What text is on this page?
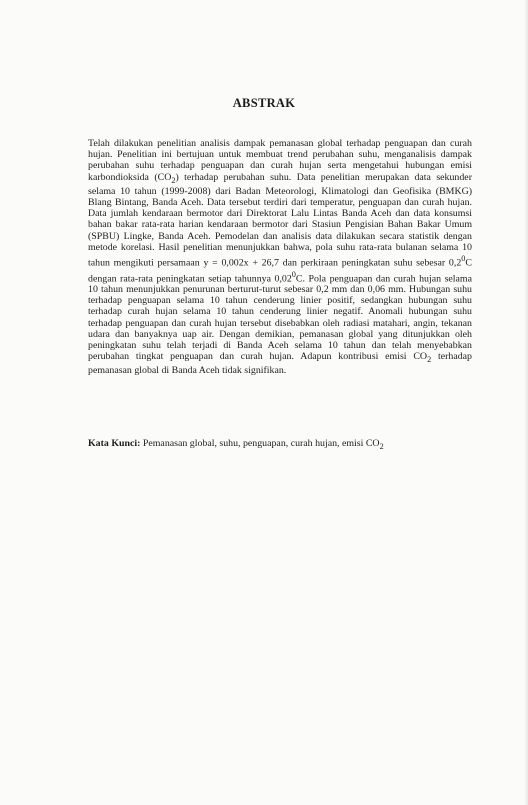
ABSTRAK

Telah dilakukan penelitian analisis dampak pemanasan global terhadap penguapan dan curah hujan. Penelitian ini bertujuan untuk membuat trend perubahan suhu, menganalisis dampak perubahan suhu terhadap penguapan dan curah hujan serta mengetahui hubungan emisi karbondioksida $(CO_2)$ terhadap perubahan suhu. Data penelitian merupakan data sekunder selama 10 tahun (1999-2008) dari Badan Meteorologi, Klimatologi dan Geofisika (BMKG) Blang Bintang, Banda Aceh. Data tersebut terdiri dari temperatur, penguapan dan curah hujan. Data jumlah kendaraan bermotor dari Direktorat Lalu Lintas Banda Aceh dan data konsumsi bahan bakar rata-rata harian kendaraan bermotor dari Stasiun Pengisian Bahan Bakar Umum (SPBU) Lingke, Banda Aceh. Pemodelan dan analisis data dilakukan secara statistik dengan metode korelasi. Hasil penelitian menunjukkan bahwa, pola suhu rata-rata bulanan selama 10 tahun mengikuti persamaan y = 0,002x + 26,7 dan perkiraan peningkatan suhu sebesar $0,2^0C$ dengan rata-rata peningkatan setiap tahunnya 0,02$^0$C. Pola penguapan dan curah hujan selama 10 tahun menunjukkan penurunan berturut-turut sebesar 0,2 mm dan 0,06 mm. Hubungan suhu terhadap penguapan selama 10 tahun cenderung linier positif, sedangkan hubungan suhu terhadap curah hujan selama 10 tahun cenderung linier negatif. Anomali hubungan suhu terhadap penguapan dan curah hujan tersebut disebabkan oleh radiasi matahari, angin, tekanan udara dan banyaknya uap air. Dengan demikian, pemanasan global yang ditunjukkan oleh peningkatan suhu telah terjadi di Banda Aceh selama 10 tahun dan telah menyebabkan perubahan tingkat penguapan dan curah hujan. Adapun kontribusi emisi $CO_2$ terhadap pemanasan global di Banda Aceh tidak signifikan.

Kata Kunci: Pemanasan global, suhu, penguapan, curah hujan, emisi $CO_2$
